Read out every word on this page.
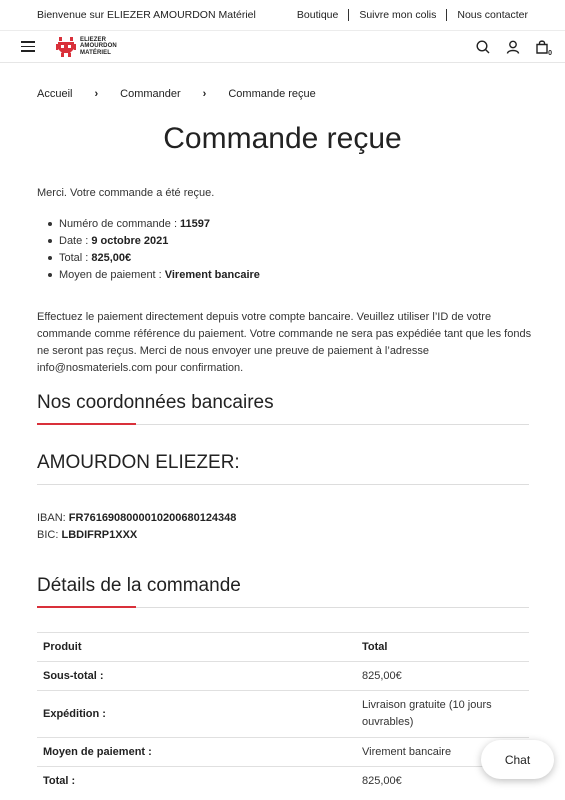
Bienvenue sur ELIEZER AMOURDON Matériel	Boutique Suivre mon colis Nous contacter
ELIEZER
AMOURDON
MATÉRIEL	0
Accueil › Commander › Commande reçue
Commande reçue
Merci. Votre commande a été reçue.
Numéro de commande : 11597
Date : 9 octobre 2021
Total : 825,00€
Moyen de paiement : Virement bancaire

Effectuez le paiement directement depuis votre compte bancaire. Veuillez utiliser l’ID de votre commande comme référence du paiement. Votre commande ne sera pas expédiée tant que les fonds ne seront pas reçus. Merci de nous envoyer une preuve de paiement à l’adresse info@nosmateriels.com pour confirmation.

Nos coordonnées bancaires
AMOURDON ELIEZER:
IBAN: FR7616908000010200680124348
BIC: LBDIFRP1XXX
Détails de la commande
Produit	Total
Sous-total :	825,00€
Expédition :	Livraison gratuite (10 jours ouvrables)
Moyen de paiement :	Virement bancaire
Total :	825,00€
Chat
